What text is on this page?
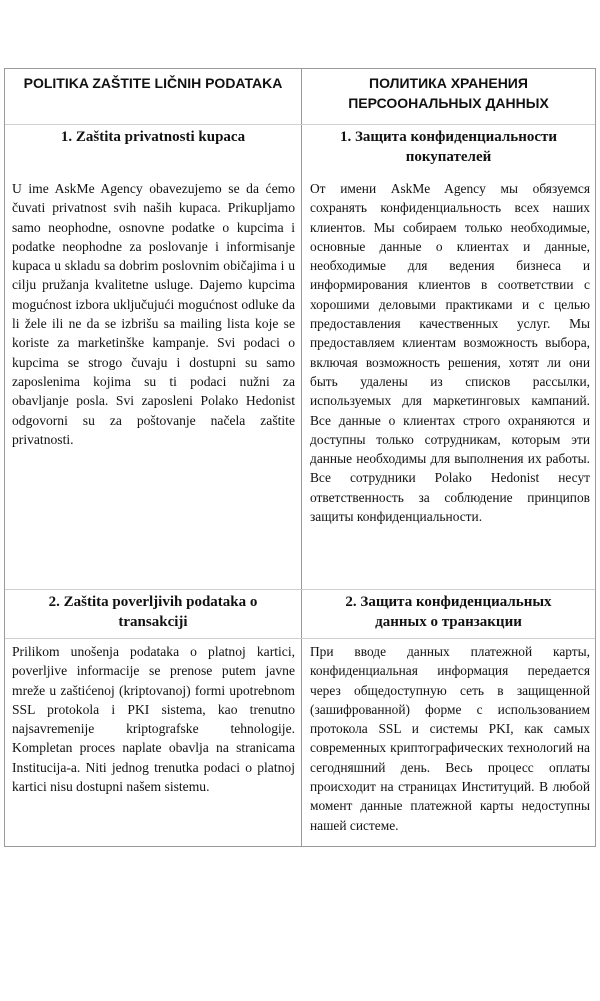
POLITIKA ZAŠTITE LIČNIH PODATAKA
1. Zaštita privatnosti kupaca
U ime AskMe Agency obavezujemo se da ćemo čuvati privatnost svih naših kupaca. Prikupljamo samo neophodne, osnovne podatke o kupcima i podatke neophodne za poslovanje i informisanje kupaca u skladu sa dobrim poslovnim običajima i u cilju pružanja kvalitetne usluge. Dajemo kupcima mogućnost izbora uključujući mogućnost odluke da li žele ili ne da se izbrišu sa mailing lista koje se koriste za marketinške kampanje. Svi podaci o kupcima se strogo čuvaju i dostupni su samo zaposlenima kojima su ti podaci nužni za obavljanje posla. Svi zaposleni Polako Hedonist odgovorni su za poštovanje načela zaštite privatnosti.
2. Zaštita poverljivih podataka o transakciji
Prilikom unošenja podataka o platnoj kartici, poverljive informacije se prenose putem javne mreže u zaštićenoj (kriptovanoj) formi upotrebnom SSL protokola i PKI sistema, kao trenutno najsavremenije kriptografske tehnologije. Kompletan proces naplate obavlja na stranicama Institucija-a. Niti jednog trenutka podaci o platnoj kartici nisu dostupni našem sistemu.
ПОЛИТИКА ХРАНЕНИЯ ПЕРСООНАЛЬНЫХ ДАННЫХ
1. Защита конфиденциальности покупателей
От имени AskMe Agency мы обязуемся сохранять конфиденциальность всех наших клиентов. Мы собираем только необходимые, основные данные о клиентах и данные, необходимые для ведения бизнеса и информирования клиентов в соответствии с хорошими деловыми практиками и с целью предоставления качественных услуг. Мы предоставляем клиентам возможность выбора, включая возможность решения, хотят ли они быть удалены из списков рассылки, используемых для маркетинговых кампаний. Все данные о клиентах строго охраняются и доступны только сотрудникам, которым эти данные необходимы для выполнения их работы. Все сотрудники Polako Hedonist несут ответственность за соблюдение принципов защиты конфиденциальности.
2. Защита конфиденциальных данных о транзакции
При вводе данных платежной карты, конфиденциальная информация передается через общедоступную сеть в защищенной (зашифрованной) форме с использованием протокола SSL и системы PKI, как самых современных криптографических технологий на сегодняшний день. Весь процесс оплаты происходит на страницах Институций. В любой момент данные платежной карты недоступны нашей системе.
